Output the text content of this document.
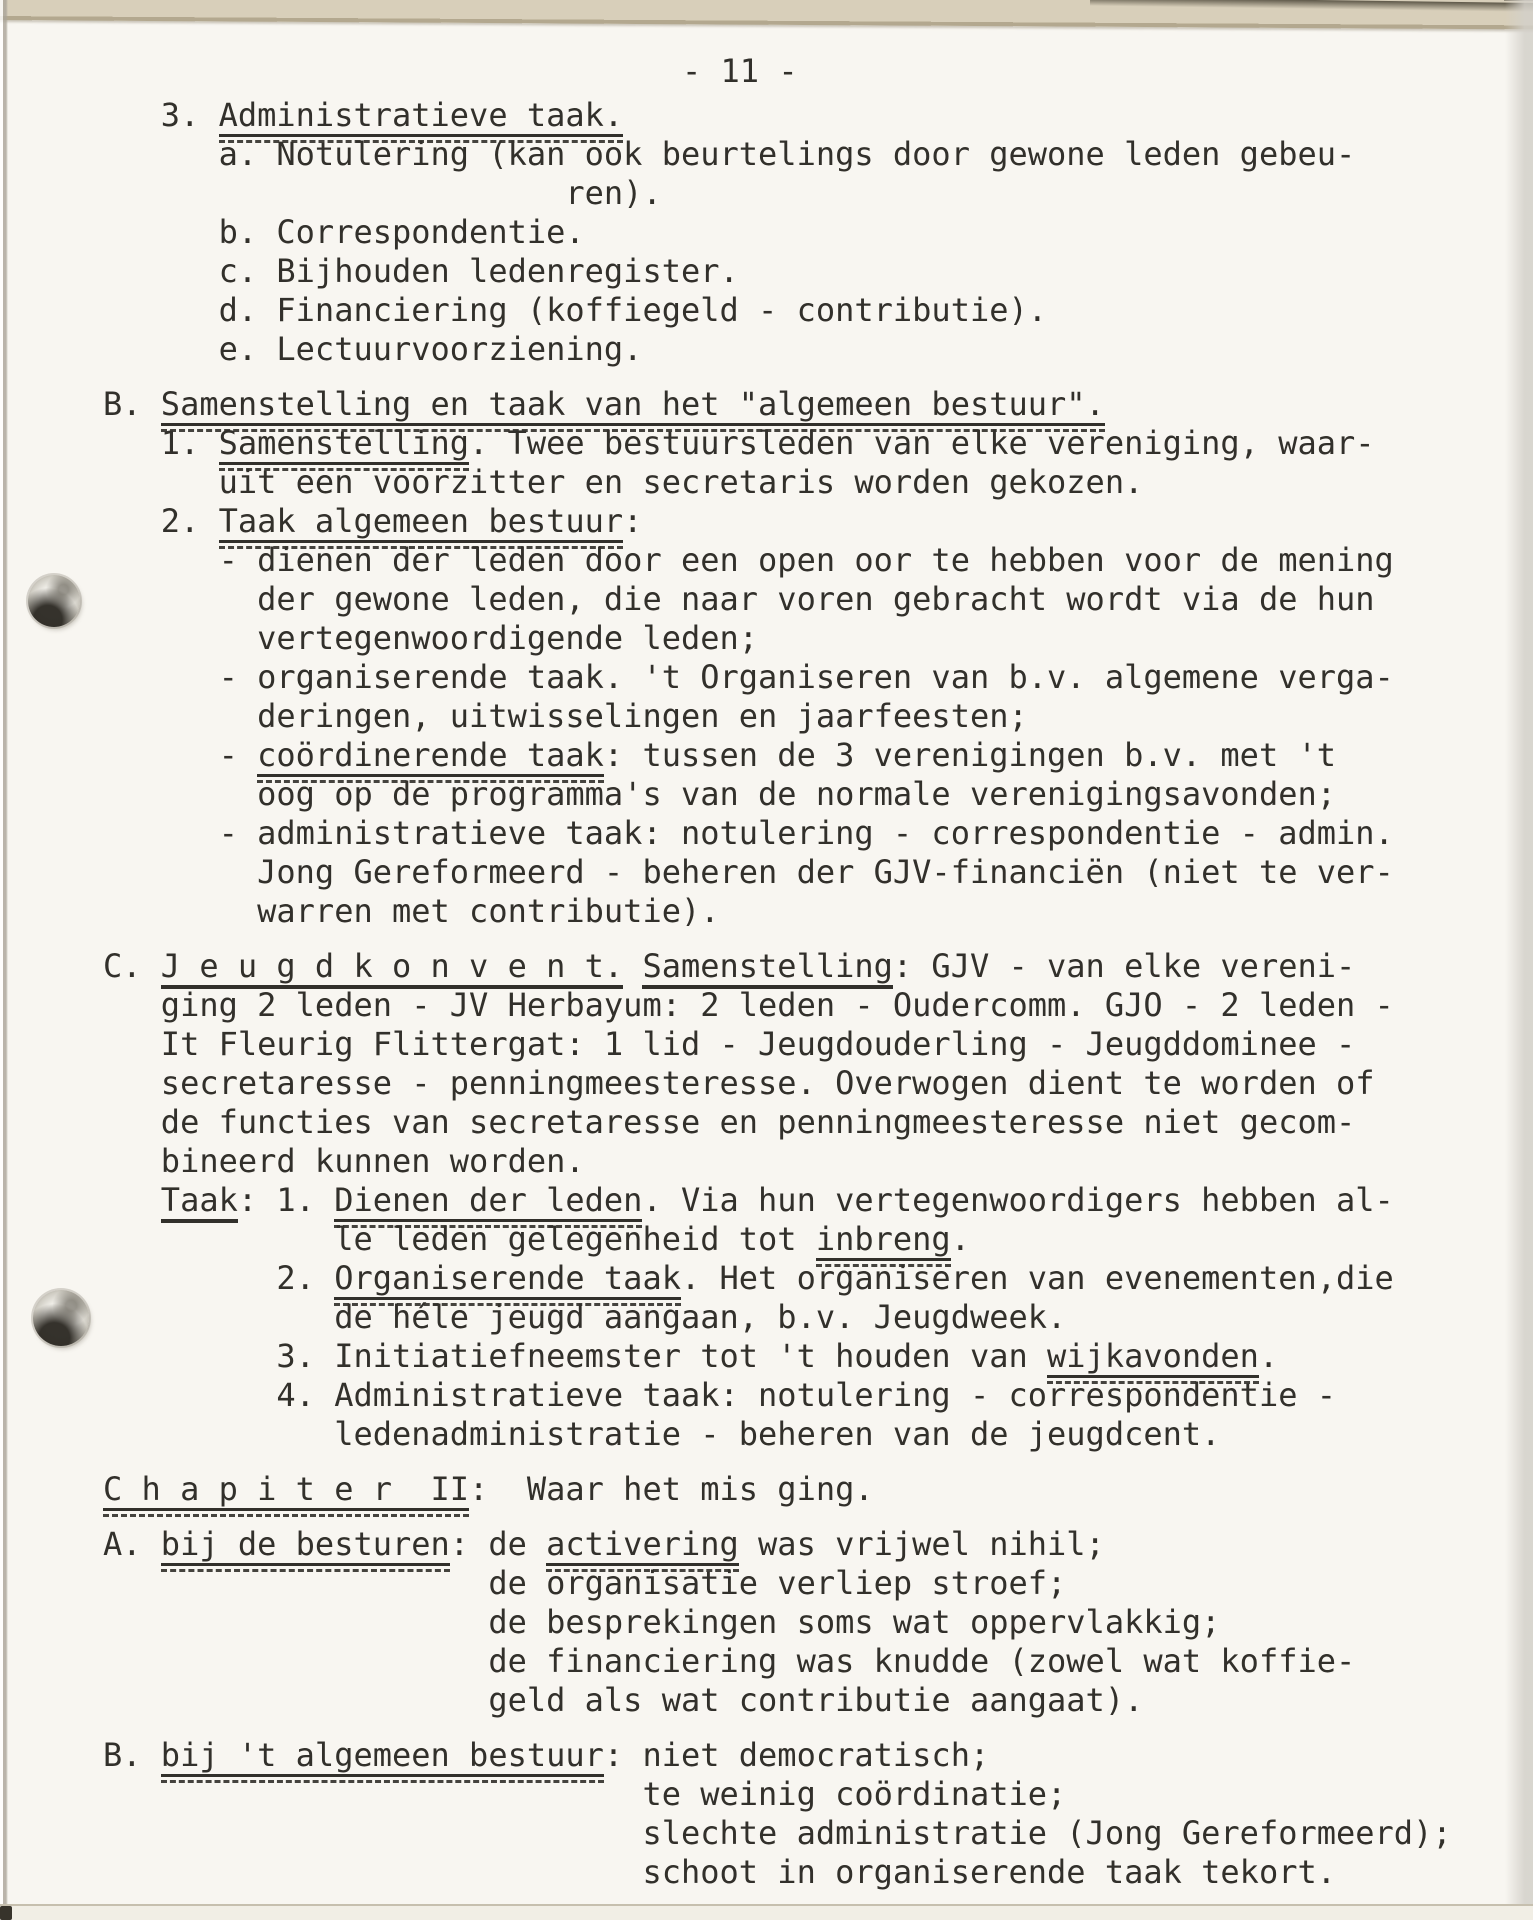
- 11 -
3. Administratieve taak.
a. Notulering (kan ook beurtelings door gewone leden gebeu-
ren).
b. Correspondentie.
c. Bijhouden ledenregister.
d. Financiering (koffiegeld - contributie).
e. Lectuurvoorziening.
B. Samenstelling en taak van het "algemeen bestuur".
1. Samenstelling. Twee bestuursleden van elke vereniging, waar-
uit een voorzitter en secretaris worden gekozen.
2. Taak algemeen bestuur:
- dienen der leden door een open oor te hebben voor de mening
der gewone leden, die naar voren gebracht wordt via de hun
vertegenwoordigende leden;
- organiserende taak. 't Organiseren van b.v. algemene verga-
deringen, uitwisselingen en jaarfeesten;
- coördinerende taak: tussen de 3 verenigingen b.v. met 't
oog op de programma's van de normale verenigingsavonden;
- administratieve taak: notulering - correspondentie - admin.
Jong Gereformeerd - beheren der GJV-financiën (niet te ver-
warren met contributie).
C. J e u g d k o n v e n t. Samenstelling: GJV - van elke vereni-
ging 2 leden - JV Herbayum: 2 leden - Oudercomm. GJO - 2 leden -
It Fleurig Flittergat: 1 lid - Jeugdouderling - Jeugddominee -
secretaresse - penningmeesteresse. Overwogen dient te worden of
de functies van secretaresse en penningmeesteresse niet gecom-
bineerd kunnen worden.
Taak: 1. Dienen der leden. Via hun vertegenwoordigers hebben al-
le leden gelegenheid tot inbreng.
2. Organiserende taak. Het organiseren van evenementen,die
de héle jeugd aangaan, b.v. Jeugdweek.
3. Initiatiefneemster tot 't houden van wijkavonden.
4. Administratieve taak: notulering - correspondentie -
ledenadministratie - beheren van de jeugdcent.
C h a p i t e r  II:  Waar het mis ging.
A. bij de besturen: de activering was vrijwel nihil;
de organisatie verliep stroef;
de besprekingen soms wat oppervlakkig;
de financiering was knudde (zowel wat koffie-
geld als wat contributie aangaat).
B. bij 't algemeen bestuur: niet democratisch;
te weinig coördinatie;
slechte administratie (Jong Gereformeerd);
schoot in organiserende taak tekort.
